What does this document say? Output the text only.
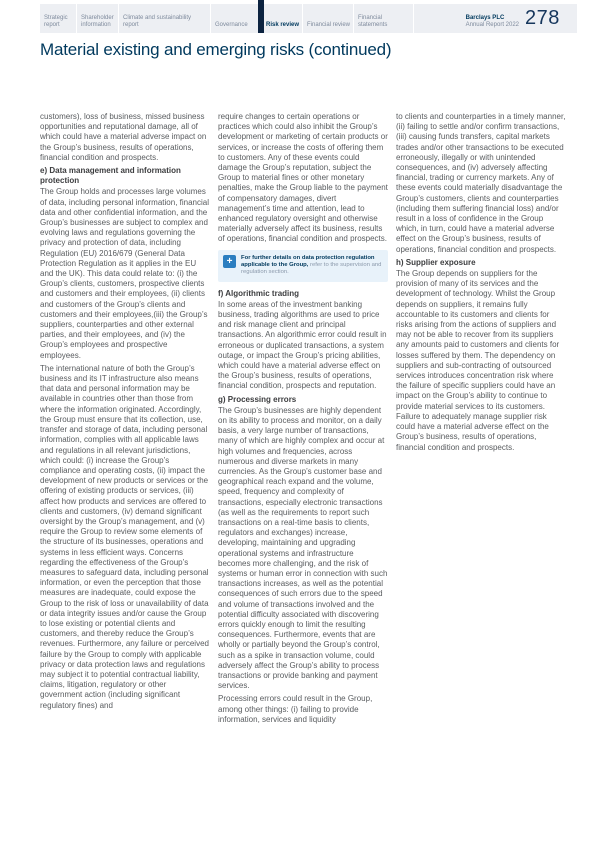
Strategic report
Shareholder information
Climate and sustainability report	Governance	Risk review Financial review
Financial statements
Barclays PLC
Annual Report 2022 278
Material existing and emerging risks (continued)

customers), loss of business, missed business opportunities and reputational damage, all of which could have a material adverse impact on the Group’s business, results of operations, financial condition and prospects.

e) Data management and information protection

The Group holds and processes large volumes of data, including personal information, financial data and other confidential information, and the Group’s businesses are subject to complex and evolving laws and regulations governing the privacy and protection of data, including Regulation (EU) 2016/679 (General Data Protection Regulation as it applies in the EU and the UK). This data could relate to: (i) the Group’s clients, customers, prospective clients and customers and their employees, (ii) clients and customers of the Group’s clients and customers and their employees,(iii) the Group’s suppliers, counterparties and other external parties, and their employees, and (iv) the Group’s employees and prospective employees.

The international nature of both the Group’s business and its IT infrastructure also means that data and personal information may be available in countries other than those from where the information originated. Accordingly, the Group must ensure that its collection, use, transfer and storage of data, including personal information, complies with all applicable laws and regulations in all relevant jurisdictions, which could: (i) increase the Group’s compliance and operating costs, (ii) impact the development of new products or services or the offering of existing products or services, (iii) affect how products and services are offered to clients and customers, (iv) demand significant oversight by the Group’s management, and (v) require the Group to review some elements of the structure of its businesses, operations and systems in less efficient ways. Concerns regarding the effectiveness of the Group’s measures to safeguard data, including personal information, or even the perception that those measures are inadequate, could expose the Group to the risk of loss or unavailability of data or data integrity issues and/or cause the Group to lose existing or potential clients and customers, and thereby reduce the Group’s revenues. Furthermore, any failure or perceived failure by the Group to comply with applicable privacy or data protection laws and regulations may subject it to potential contractual liability, claims, litigation, regulatory or other government action (including significant regulatory fines) and

require changes to certain operations or practices which could also inhibit the Group’s development or marketing of certain products or services, or increase the costs of offering them to customers. Any of these events could damage the Group’s reputation, subject the Group to material fines or other monetary penalties, make the Group liable to the payment of compensatory damages, divert management’s time and attention, lead to enhanced regulatory oversight and otherwise materially adversely affect its business, results of operations, financial condition and prospects.

+	For further details on data protection regulation applicable to the Group, refer to the supervision and regulation section.
f) Algorithmic trading

In some areas of the investment banking business, trading algorithms are used to price and risk manage client and principal transactions. An algorithmic error could result in erroneous or duplicated transactions, a system outage, or impact the Group’s pricing abilities, which could have a material adverse effect on the Group’s business, results of operations, financial condition, prospects and reputation.

g) Processing errors

The Group’s businesses are highly dependent on its ability to process and monitor, on a daily basis, a very large number of transactions, many of which are highly complex and occur at high volumes and frequencies, across numerous and diverse markets in many currencies. As the Group’s customer base and geographical reach expand and the volume, speed, frequency and complexity of transactions, especially electronic transactions (as well as the requirements to report such transactions on a real-time basis to clients, regulators and exchanges) increase, developing, maintaining and upgrading operational systems and infrastructure becomes more challenging, and the risk of systems or human error in connection with such transactions increases, as well as the potential consequences of such errors due to the speed and volume of transactions involved and the potential difficulty associated with discovering errors quickly enough to limit the resulting consequences. Furthermore, events that are wholly or partially beyond the Group’s control, such as a spike in transaction volume, could adversely affect the Group’s ability to process transactions or provide banking and payment services.

Processing errors could result in the Group, among other things: (i) failing to provide information, services and liquidity

to clients and counterparties in a timely manner, (ii) failing to settle and/or confirm transactions, (iii) causing funds transfers, capital markets trades and/or other transactions to be executed erroneously, illegally or with unintended consequences, and (iv) adversely affecting financial, trading or currency markets. Any of these events could materially disadvantage the Group’s customers, clients and counterparties (including them suffering financial loss) and/or result in a loss of confidence in the Group which, in turn, could have a material adverse effect on the Group’s business, results of operations, financial condition and prospects.

h) Supplier exposure

The Group depends on suppliers for the provision of many of its services and the development of technology. Whilst the Group depends on suppliers, it remains fully accountable to its customers and clients for risks arising from the actions of suppliers and may not be able to recover from its suppliers any amounts paid to customers and clients for losses suffered by them. The dependency on suppliers and sub-contracting of outsourced services introduces concentration risk where the failure of specific suppliers could have an impact on the Group’s ability to continue to provide material services to its customers. Failure to adequately manage supplier risk could have a material adverse effect on the Group’s business, results of operations, financial condition and prospects.
